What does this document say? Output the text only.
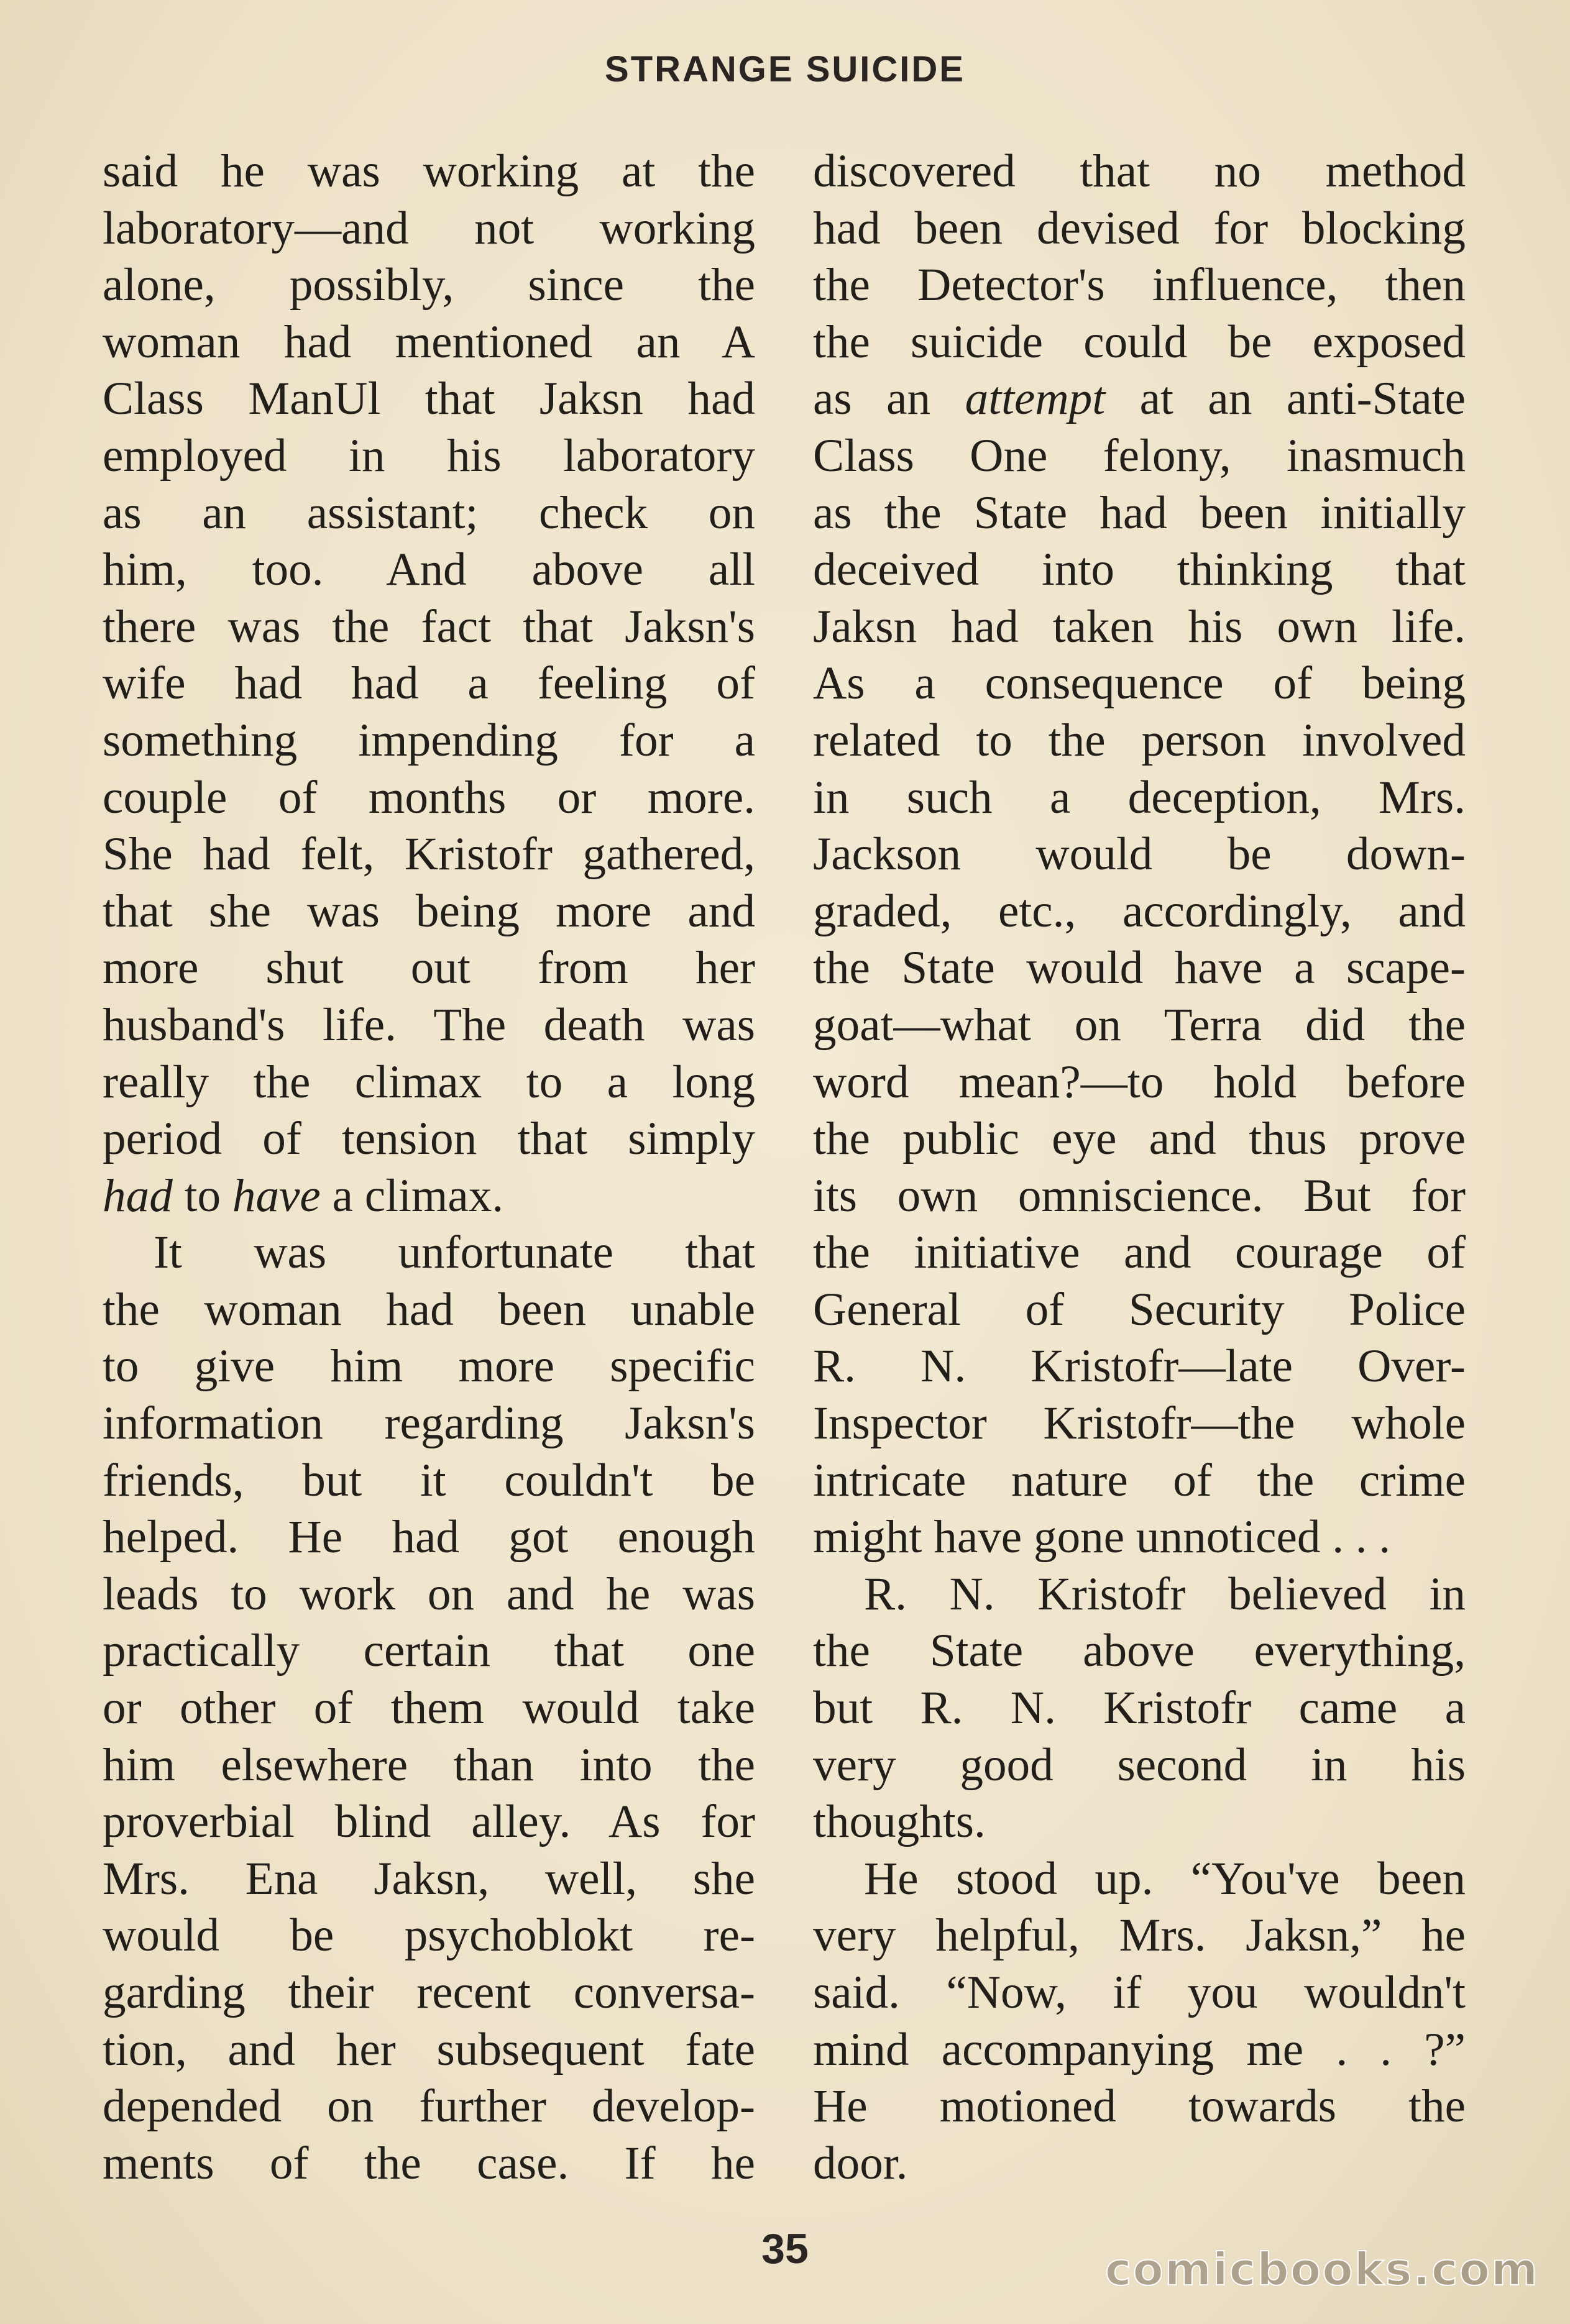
STRANGE SUICIDE

said he was working at the
laboratory—and not working
alone, possibly, since the
woman had mentioned an A
Class ManUl that Jaksn had
employed in his laboratory
as an assistant; check on
him, too. And above all
there was the fact that Jaksn's
wife had had a feeling of
something impending for a
couple of months or more.
She had felt, Kristofr gathered,
that she was being more and
more shut out from her
husband's life. The death was
really the climax to a long
period of tension that simply
had to have a climax.

It was unfortunate that
the woman had been unable
to give him more specific
information regarding Jaksn's
friends, but it couldn't be
helped. He had got enough
leads to work on and he was
practically certain that one
or other of them would take
him elsewhere than into the
proverbial blind alley. As for
Mrs. Ena Jaksn, well, she
would be psychoblokt re-
garding their recent conversa-
tion, and her subsequent fate
depended on further develop-
ments of the case. If he

discovered that no method
had been devised for blocking
the Detector's influence, then
the suicide could be exposed
as an attempt at an anti-State
Class One felony, inasmuch
as the State had been initially
deceived into thinking that
Jaksn had taken his own life.
As a consequence of being
related to the person involved
in such a deception, Mrs.
Jackson would be down-
graded, etc., accordingly, and
the State would have a scape-
goat—what on Terra did the
word mean?—to hold before
the public eye and thus prove
its own omniscience. But for
the initiative and courage of
General of Security Police
R. N. Kristofr—late Over-
Inspector Kristofr—the whole
intricate nature of the crime
might have gone unnoticed . . .

R. N. Kristofr believed in
the State above everything,
but R. N. Kristofr came a
very good second in his
thoughts.

He stood up. “You've been
very helpful, Mrs. Jaksn,” he
said. “Now, if you wouldn't
mind accompanying me . . ?”
He motioned towards the
door.

35	comicbooks.com
